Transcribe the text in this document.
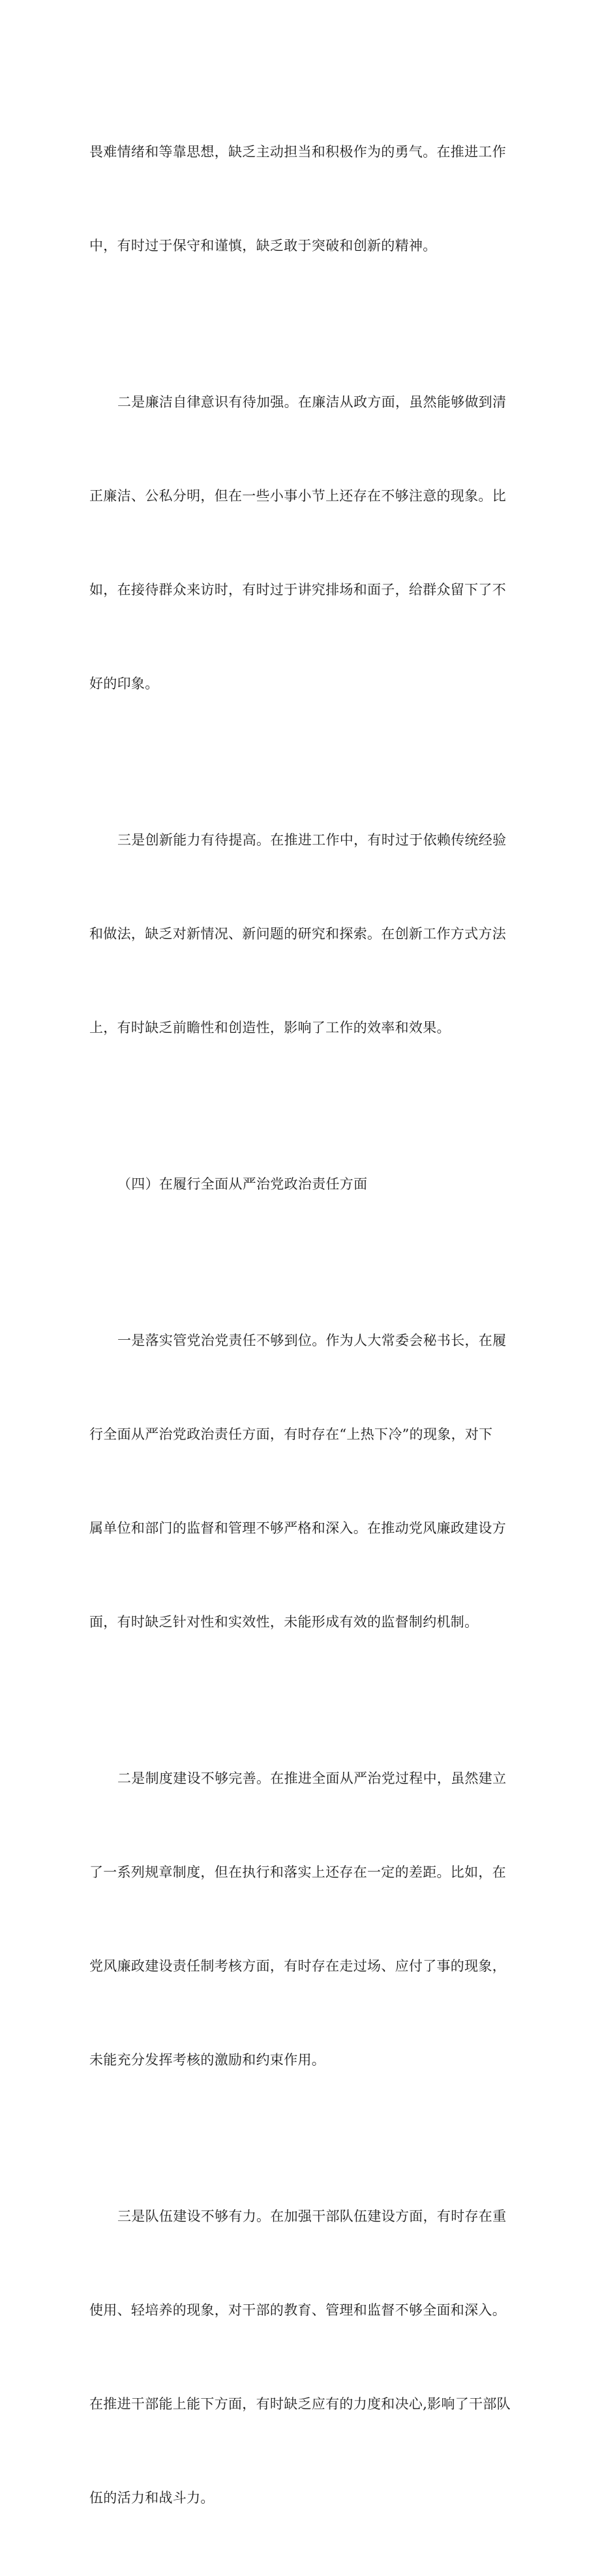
畏难情绪和等靠思想，缺乏主动担当和积极作为的勇气。在推进工作

中，有时过于保守和谨慎，缺乏敢于突破和创新的精神。

二是廉洁自律意识有待加强。在廉洁从政方面，虽然能够做到清

正廉洁、公私分明，但在一些小事小节上还存在不够注意的现象。比

如，在接待群众来访时，有时过于讲究排场和面子，给群众留下了不

好的印象。

三是创新能力有待提高。在推进工作中，有时过于依赖传统经验

和做法，缺乏对新情况、新问题的研究和探索。在创新工作方式方法

上，有时缺乏前瞻性和创造性，影响了工作的效率和效果。

（四）在履行全面从严治党政治责任方面

一是落实管党治党责任不够到位。作为人大常委会秘书长，在履

行全面从严治党政治责任方面，有时存在“上热下冷”的现象，对下

属单位和部门的监督和管理不够严格和深入。在推动党风廉政建设方

面，有时缺乏针对性和实效性，未能形成有效的监督制约机制。

二是制度建设不够完善。在推进全面从严治党过程中，虽然建立

了一系列规章制度，但在执行和落实上还存在一定的差距。比如，在

党风廉政建设责任制考核方面，有时存在走过场、应付了事的现象，

未能充分发挥考核的激励和约束作用。

三是队伍建设不够有力。在加强干部队伍建设方面，有时存在重

使用、轻培养的现象，对干部的教育、管理和监督不够全面和深入。

在推进干部能上能下方面，有时缺乏应有的力度和决心,影响了干部队

伍的活力和战斗力。
